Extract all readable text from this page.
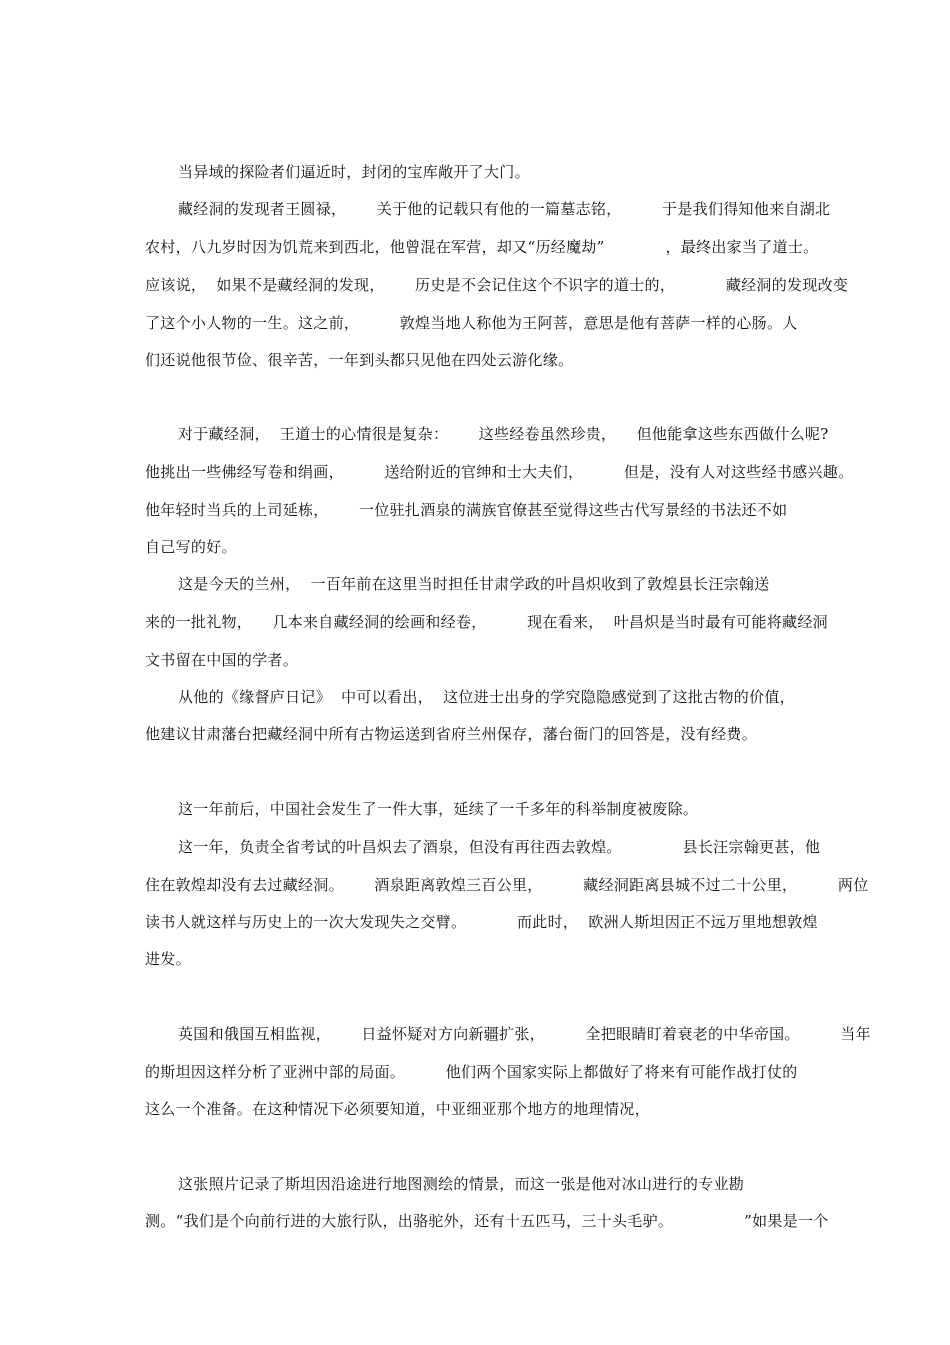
当异域的探险者们逼近时，封闭的宝库敞开了大门。
藏经洞的发现者王圆禄，      关于他的记载只有他的一篇墓志铭，        于是我们得知他来自湖北
农村，八九岁时因为饥荒来到西北，他曾混在军营，却又“历经魔劫”            ，最终出家当了道士。
应该说，  如果不是藏经洞的发现，      历史是不会记住这个不识字的道士的，          藏经洞的发现改变
了这个小人物的一生。这之前，        敦煌当地人称他为王阿菩，意思是他有菩萨一样的心肠。人
们还说他很节俭、很辛苦，一年到头都只见他在四处云游化缘。
对于藏经洞，  王道士的心情很是复杂：      这些经卷虽然珍贵，    但他能拿这些东西做什么呢?
他挑出一些佛经写卷和绢画，        送给附近的官绅和士大夫们，        但是，没有人对这些经书感兴趣。
他年轻时当兵的上司延栋，      一位驻扎酒泉的满族官僚甚至觉得这些古代写景经的书法还不如
自己写的好。
这是今天的兰州，  一百年前在这里当时担任甘肃学政的叶昌炽收到了敦煌县长汪宗翰送
来的一批礼物，    几本来自藏经洞的绘画和经卷，        现在看来，  叶昌炽是当时最有可能将藏经洞
文书留在中国的学者。
从他的《缘督庐日记》  中可以看出，  这位进士出身的学究隐隐感觉到了这批古物的价值，
他建议甘肃藩台把藏经洞中所有古物运送到省府兰州保存，藩台衙门的回答是，没有经费。
这一年前后，中国社会发生了一件大事，延续了一千多年的科举制度被废除。
这一年，负责全省考试的叶昌炽去了酒泉，但没有再往西去敦煌。            县长汪宗翰更甚，他
住在敦煌却没有去过藏经洞。      酒泉距离敦煌三百公里，        藏经洞距离县城不过二十公里，        两位
读书人就这样与历史上的一次大发现失之交臂。          而此时，  欧洲人斯坦因正不远万里地想敦煌
进发。
英国和俄国互相监视，      日益怀疑对方向新疆扩张，        全把眼睛盯着衰老的中华帝国。        当年
的斯坦因这样分析了亚洲中部的局面。        他们两个国家实际上都做好了将来有可能作战打仗的
这么一个准备。在这种情况下必须要知道，中亚细亚那个地方的地理情况，
这张照片记录了斯坦因沿途进行地图测绘的情景，而这一张是他对冰山进行的专业勘
测。“我们是个向前行进的大旅行队，出骆驼外，还有十五匹马，三十头毛驴。              ”如果是一个
